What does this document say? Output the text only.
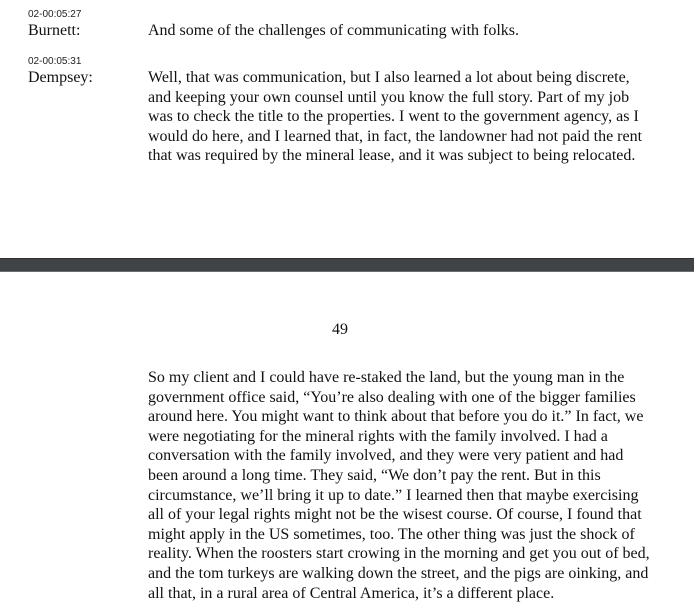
02-00:05:27
Burnett:	And some of the challenges of communicating with folks.
02-00:05:31
Dempsey:	Well, that was communication, but I also learned a lot about being discrete,
and keeping your own counsel until you know the full story. Part of my job
was to check the title to the properties. I went to the government agency, as I
would do here, and I learned that, in fact, the landowner had not paid the rent
that was required by the mineral lease, and it was subject to being relocated.
49
So my client and I could have re-staked the land, but the young man in the
government office said, “You’re also dealing with one of the bigger families
around here. You might want to think about that before you do it.” In fact, we
were negotiating for the mineral rights with the family involved. I had a
conversation with the family involved, and they were very patient and had
been around a long time. They said, “We don’t pay the rent. But in this
circumstance, we’ll bring it up to date.” I learned then that maybe exercising
all of your legal rights might not be the wisest course. Of course, I found that
might apply in the US sometimes, too. The other thing was just the shock of
reality. When the roosters start crowing in the morning and get you out of bed,
and the tom turkeys are walking down the street, and the pigs are oinking, and
all that, in a rural area of Central America, it’s a different place.
